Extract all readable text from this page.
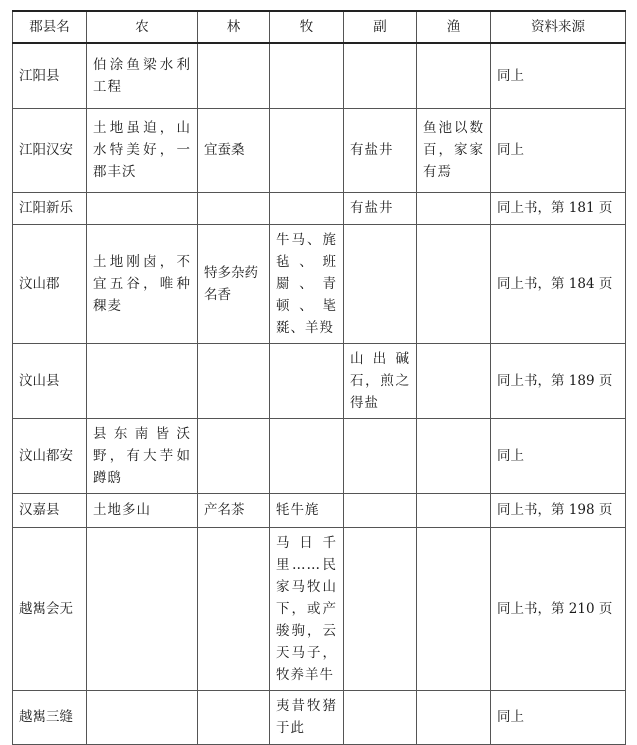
郡县名	农	林	牧	副	渔	资料来源
江阳县	伯涂鱼梁水利工程					同上
江阳汉安	土地虽迫，山水特美好，一郡丰沃	宜蚕桑		有盐井	鱼池以数百，家家有焉	同上
江阳新乐				有盐井		同上书，第 181 页
汶山郡	土地刚卤，不宜五谷，唯种稞麦	特多杂药名香	牛马、旄毡、班罽、青顿、毞毲、羊羖			同上书，第 184 页
汶山县				山出碱石，煎之得盐		同上书，第 189 页
汶山都安	县东南皆沃野，有大芋如蹲鸱					同上
汉嘉县	土地多山	产名茶	牦牛旄			同上书，第 198 页
越嶲会无			马日千里……民家马牧山下，或产骏驹，云天马子，牧养羊牛			同上书，第 210 页
越嶲三缝			夷昔牧猪于此			同上
